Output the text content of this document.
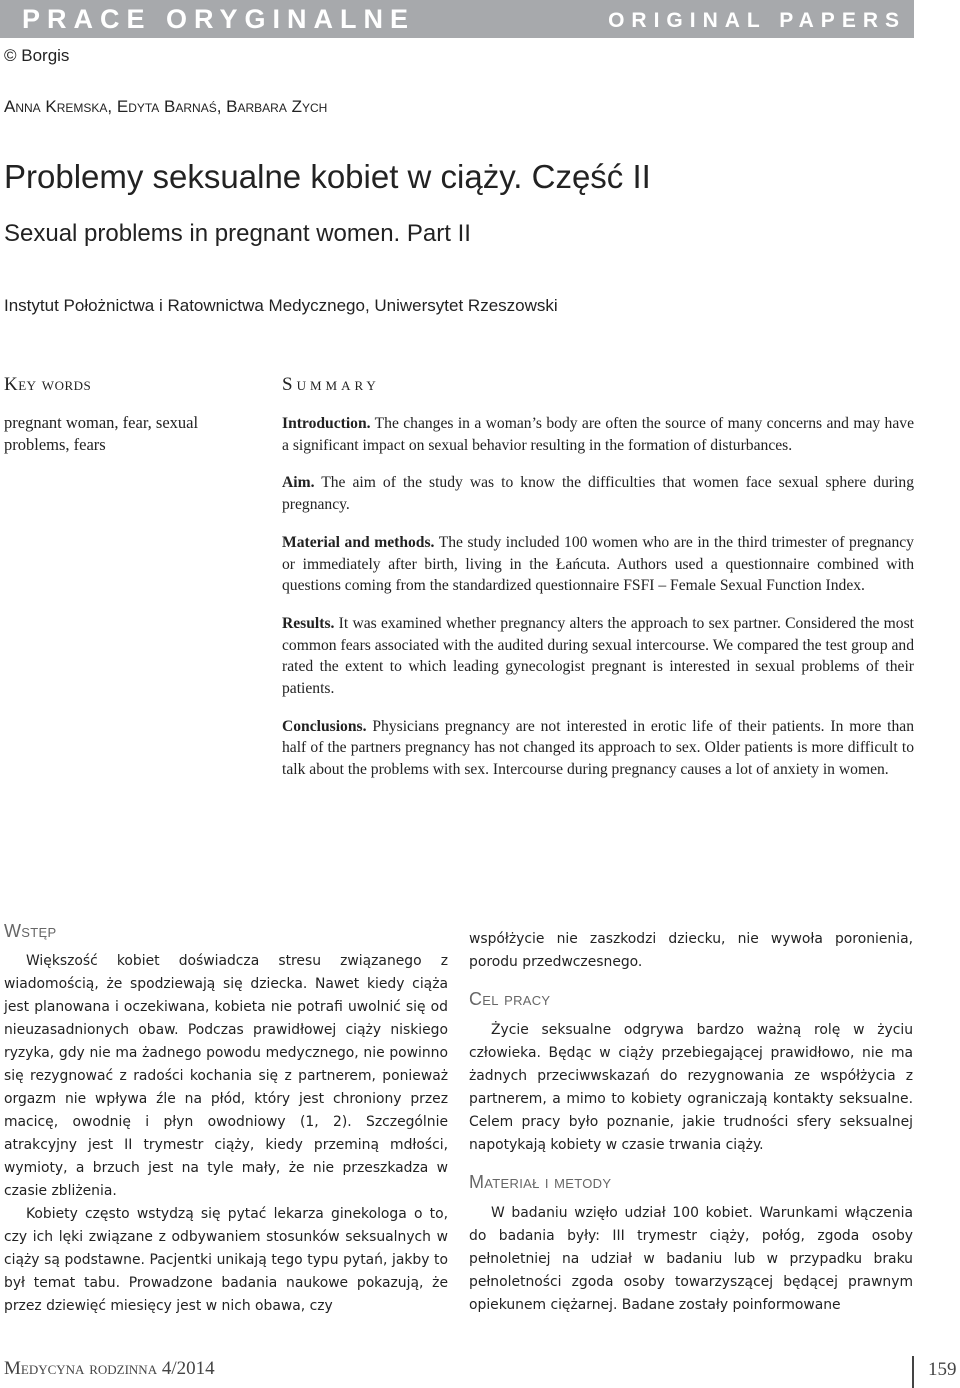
PRACE ORYGINALNE	ORIGINAL PAPERS
© Borgis
Anna Kremska, Edyta Barnaś, Barbara Zych
Problemy seksualne kobiet w ciąży. Część II
Sexual problems in pregnant women. Part II
Instytut Położnictwa i Ratownictwa Medycznego, Uniwersytet Rzeszowski
Key words
pregnant woman, fear, sexual problems, fears
Summary

Introduction. The changes in a woman’s body are often the source of many concerns and may have a significant impact on sexual behavior resulting in the formation of disturbances.

Aim. The aim of the study was to know the difficulties that women face sexual sphere during pregnancy.

Material and methods. The study included 100 women who are in the third trimester of pregnancy or immediately after birth, living in the Łańcuta. Authors used a questionnaire combined with questions coming from the standardized questionnaire FSFI – Female Sexual Function Index.

Results. It was examined whether pregnancy alters the approach to sex partner. Considered the most common fears associated with the audited during sexual intercourse. We compared the test group and rated the extent to which leading gynecologist pregnant is interested in sexual problems of their patients.

Conclusions. Physicians pregnancy are not interested in erotic life of their patients. In more than half of the partners pregnancy has not changed its approach to sex. Older patients is more difficult to talk about the problems with sex. Intercourse during pregnancy causes a lot of anxiety in women.

Wstęp

Większość kobiet doświadcza stresu związanego z wiadomością, że spodziewają się dziecka. Nawet kiedy ciąża jest planowana i oczekiwana, kobieta nie potrafi uwolnić się od nieuzasadnionych obaw. Podczas prawidłowej ciąży niskiego ryzyka, gdy nie ma żadnego powodu medycznego, nie powinno się rezygnować z radości kochania się z partnerem, ponieważ orgazm nie wpływa źle na płód, który jest chroniony przez macicę, owodnię i płyn owodniowy (1, 2). Szczególnie atrakcyjny jest II trymestr ciąży, kiedy przeminą mdłości, wymioty, a brzuch jest na tyle mały, że nie przeszkadza w czasie zbliżenia.

Kobiety często wstydzą się pytać lekarza ginekologa o to, czy ich lęki związane z odbywaniem stosunków seksualnych w ciąży są podstawne. Pacjentki unikają tego typu pytań, jakby to był temat tabu. Prowadzone badania naukowe pokazują, że przez dziewięć miesięcy jest w nich obawa, czy

współżycie nie zaszkodzi dziecku, nie wywoła poronienia, porodu przedwczesnego.

Cel pracy

Życie seksualne odgrywa bardzo ważną rolę w życiu człowieka. Będąc w ciąży przebiegającej prawidłowo, nie ma żadnych przeciwwskazań do rezygnowania ze współżycia z partnerem, a mimo to kobiety ograniczają kontakty seksualne. Celem pracy było poznanie, jakie trudności sfery seksualnej napotykają kobiety w czasie trwania ciąży.

Materiał i metody

W badaniu wzięło udział 100 kobiet. Warunkami włączenia do badania były: III trymestr ciąży, połóg, zgoda osoby pełnoletniej na udział w badaniu lub w przypadku braku pełnoletności zgoda osoby towarzyszącej będącej prawnym opiekunem ciężarnej. Badane zostały poinformowane

Medycyna rodzinna 4/2014	159
